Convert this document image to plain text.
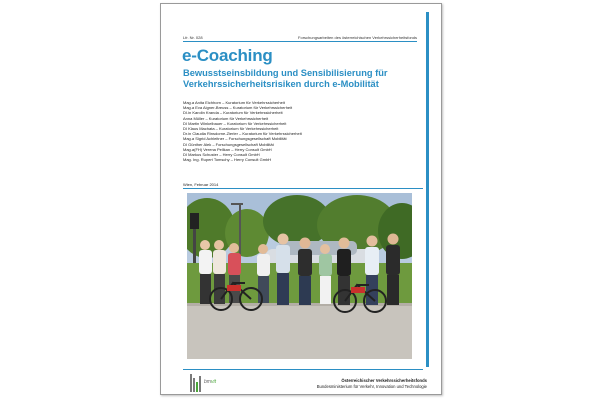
Lfr. Nr. 028	Forschungsarbeiten des österreichischen Verkehrssicherheitsfonds
e-Coaching
Bewusstseinsbildung und Sensibilisierung für
Verkehrssicherheitsrisiken durch e-Mobilität
Mag.a Anita Eichhorn – Kuratorium für Verkehrssicherheit
Mag.a Eva Aigner-Breuss – Kuratorium für Verkehrssicherheit
DI.in Karolin Kranda – Kuratorium für Verkehrssicherheit
Anna Müller – Kuratorium für Verkehrssicherheit
DI Martin Winkelbauer – Kuratorium für Verkehrssicherheit
DI Klaus Machata – Kuratorium für Verkehrssicherheit
Dr.in Claudia Rinsdorne-Zierler – Kuratorium für Verkehrssicherheit
Mag.a Sigrid Achleitner – Forschungsgesellschaft Mobilität
DI Günther Alek – Forschungsgesellschaft Mobilität
Mag.a(FH) Verena Pellkan – Herry Consult GmbH
DI Markus Schuster – Herry Consult GmbH
Mag. Ing. Rupert Tomschy – Herry Consult GmbH
Wien, Februar 2014
bmvit	Österreichischer Verkehrssicherheitsfonds
Bundesministerium für Verkehr, Innovation und Technologie
